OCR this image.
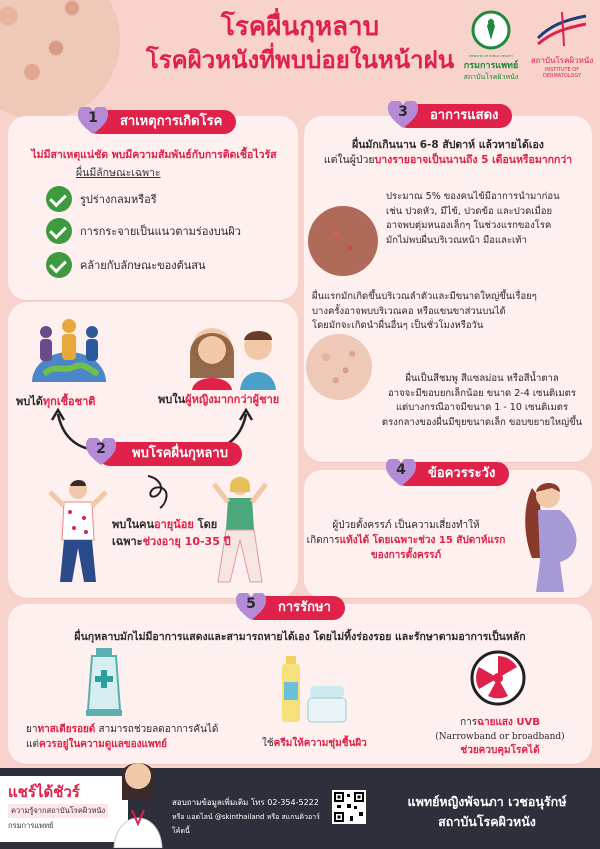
โรคผื่นกุหลาบ
โรคผิวหนังที่พบบ่อยในหน้าฝน	MINISTRY OF PUBLIC HEALTH
กรมการแพทย์
สถาบันโรคผิวหนัง
สถาบันโรคผิวหนัง
INSTITUTE OF DERMATOLOGY
สาเหตุการเกิดโรค
1
ไม่มีสาเหตุแน่ชัด พบมีความสัมพันธ์กับการติดเชื้อไวรัส
ผื่นมีลักษณะเฉพาะ
รูปร่างกลมหรือรี
การกระจายเป็นแนวตามร่องบนผิว
คล้ายกับลักษณะของต้นสน
พบได้ทุกเชื้อชาติ	พบในผู้หญิงมากกว่าผู้ชาย
พบโรคผื่นกุหลาบ
2
พบในคนอายุน้อย โดย
เฉพาะช่วงอายุ 10-35 ปี
อาการแสดง
3
ผื่นมักเกินนาน 6-8 สัปดาห์ แล้วหายได้เอง
แต่ในผู้ป่วยบางรายอาจเป็นนานถึง 5 เดือนหรือมากกว่า
ประมาณ 5% ของคนไข้มีอาการนำมาก่อน
เช่น ปวดหัว, มีไข้, ปวดข้อ และปวดเมื่อย
อาจพบตุ่มหนองเล็กๆ ในช่วงแรกของโรค
มักไม่พบผื่นบริเวณหน้า มือและเท้า
ผื่นแรกมักเกิดขึ้นบริเวณลำตัวและมีขนาดใหญ่ขึ้นเรื่อยๆ
บางครั้งอาจพบบริเวณคอ หรือแขนขาส่วนบนได้
โดยมักจะเกิดนำผื่นอื่นๆ เป็นชั่วโมงหรือวัน
ผื่นเป็นสีชมพู สีแซลม่อน หรือสีน้ำตาล
อาจจะมีขอบยกเล็กน้อย ขนาด 2-4 เซนติเมตร
แต่บางกรณีอาจมีขนาด 1 - 10 เซนติเมตร
ตรงกลางของผื่นมีขุยขนาดเล็ก ขอบขยายใหญ่ขึ้น
ข้อควรระวัง
4
ผู้ป่วยตั้งครรภ์ เป็นความเสี่ยงทำให้
เกิดการแท้งได้ โดยเฉพาะช่วง 15 สัปดาห์แรก
ของการตั้งครรภ์
การรักษา
5
ผื่นกุหลาบมักไม่มีอาการแสดงและสามารถหายได้เอง โดยไม่ทิ้งร่องรอย และรักษาตามอาการเป็นหลัก
ยาทาสเตียรอยด์ สามารถช่วยลดอาการคันได้
แต่ควรอยู่ในความดูแลของแพทย์	ใช้ครีมให้ความชุ่มชื้นผิว
การฉายแสง UVB
(Narrowband or broadband)
ช่วยควบคุมโรคได้
แชร์ได้ชัวร์
ความรู้จากสถาบันโรคผิวหนัง
กรมการแพทย์
สอบถามข้อมูลเพิ่มเติม โทร 02-354-5222
หรือ แอดไลน์ @skinthailand หรือ สแกนคิวอาร์โค้ดนี้
แพทย์หญิงพัจนภา เวชอนุรักษ์
สถาบันโรคผิวหนัง
